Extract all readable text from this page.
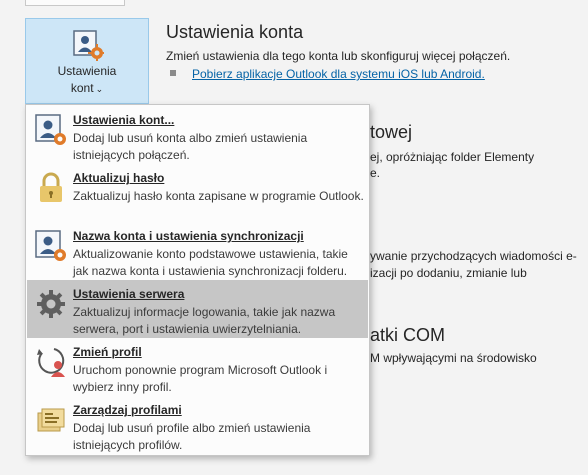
Ustawienia
kont ⌄
Ustawienia konta
Zmień ustawienia dla tego konta lub skonfiguruj więcej połączeń.
Pobierz aplikacje Outlook dla systemu iOS lub Android.
towej
ej, opróżniając folder Elementy
e.
ywanie przychodzących wiadomości e-
izacji po dodaniu, zmianie lub
atki COM
M wpływającymi na środowisko
Ustawienia kont...
Dodaj lub usuń konta albo zmień ustawienia istniejących połączeń.
Aktualizuj hasło
Zaktualizuj hasło konta zapisane w programie Outlook.
Nazwa konta i ustawienia synchronizacji
Aktualizowanie konto podstawowe ustawienia, takie jak nazwa konta i ustawienia synchronizacji folderu.
Ustawienia serwera
Zaktualizuj informacje logowania, takie jak nazwa serwera, port i ustawienia uwierzytelniania.
Zmień profil
Uruchom ponownie program Microsoft Outlook i wybierz inny profil.
Zarządzaj profilami
Dodaj lub usuń profile albo zmień ustawienia istniejących profilów.
